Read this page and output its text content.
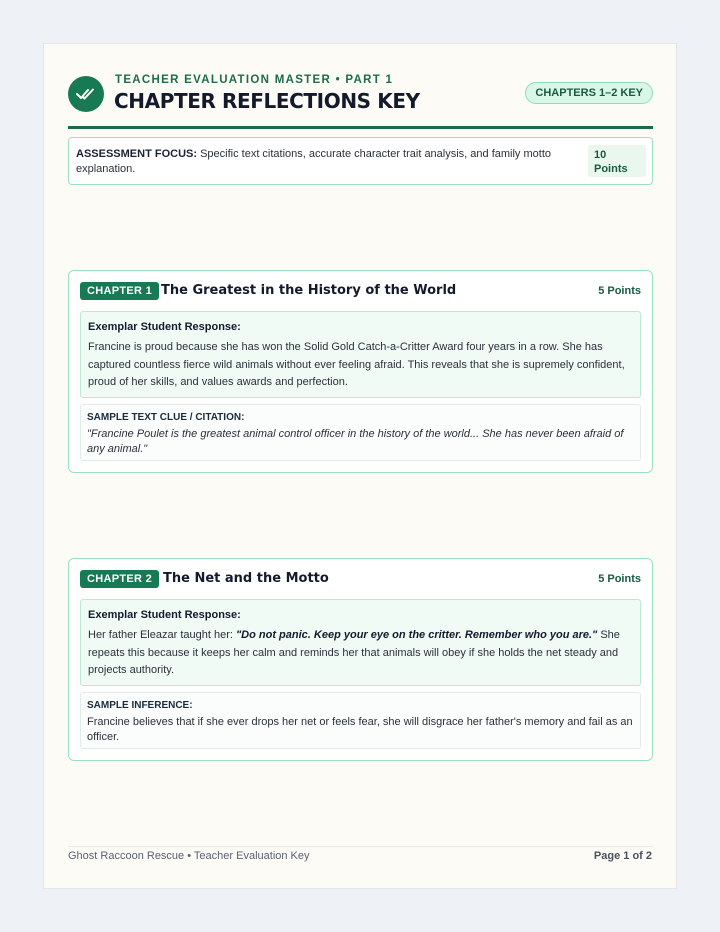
TEACHER EVALUATION MASTER • PART 1
CHAPTER REFLECTIONS KEY	CHAPTERS 1–2 KEY
ASSESSMENT FOCUS: Specific text citations, accurate character trait analysis, and family motto explanation.
10 Points
CHAPTER 1 The Greatest in the History of the World	5 Points
Exemplar Student Response:
Francine is proud because she has won the Solid Gold Catch-a-Critter Award four years in a row. She has captured countless fierce wild animals without ever feeling afraid. This reveals that she is supremely confident, proud of her skills, and values awards and perfection.
SAMPLE TEXT CLUE / CITATION:
"Francine Poulet is the greatest animal control officer in the history of the world... She has never been afraid of any animal."
CHAPTER 2 The Net and the Motto	5 Points
Exemplar Student Response:
Her father Eleazar taught her: "Do not panic. Keep your eye on the critter. Remember who you are." She repeats this because it keeps her calm and reminds her that animals will obey if she holds the net steady and projects authority.
SAMPLE INFERENCE:
Francine believes that if she ever drops her net or feels fear, she will disgrace her father's memory and fail as an officer.
Ghost Raccoon Rescue • Teacher Evaluation Key	Page 1 of 2
